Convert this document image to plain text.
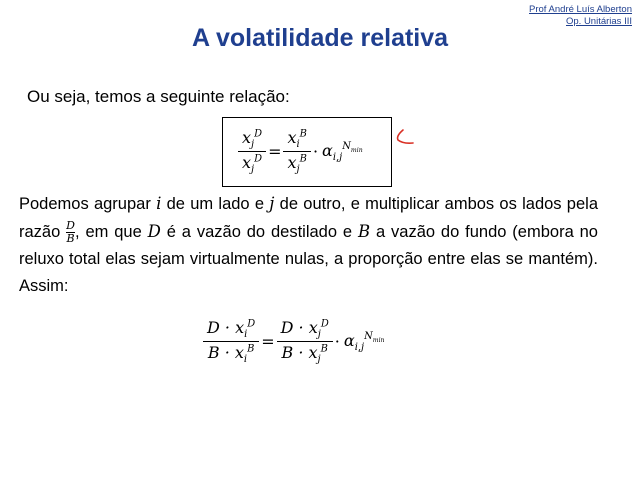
Prof André Luís Alberton
Op. Unitárias III
A volatilidade relativa
Ou seja, temos a seguinte relação:
$\frac{x_j^D}{x_j^D} = \frac{x_i^B}{x_j^B} \cdot \alpha_{i,j}^{N_{min}}$
Podemos agrupar i de um lado e j de outro, e multiplicar ambos os lados pela razão $\frac{D}{B}$ , em que D é a vazão do destilado e B a vazão do fundo (embora no reluxo total elas sejam virtualmente nulas, a proporção entre elas se mantém). Assim:
$\frac{D \cdot x_i^D}{B \cdot x_i^B} = \frac{D \cdot x_j^D}{B \cdot x_j^B} \cdot \alpha_{i,j}^{N_{min}}$
